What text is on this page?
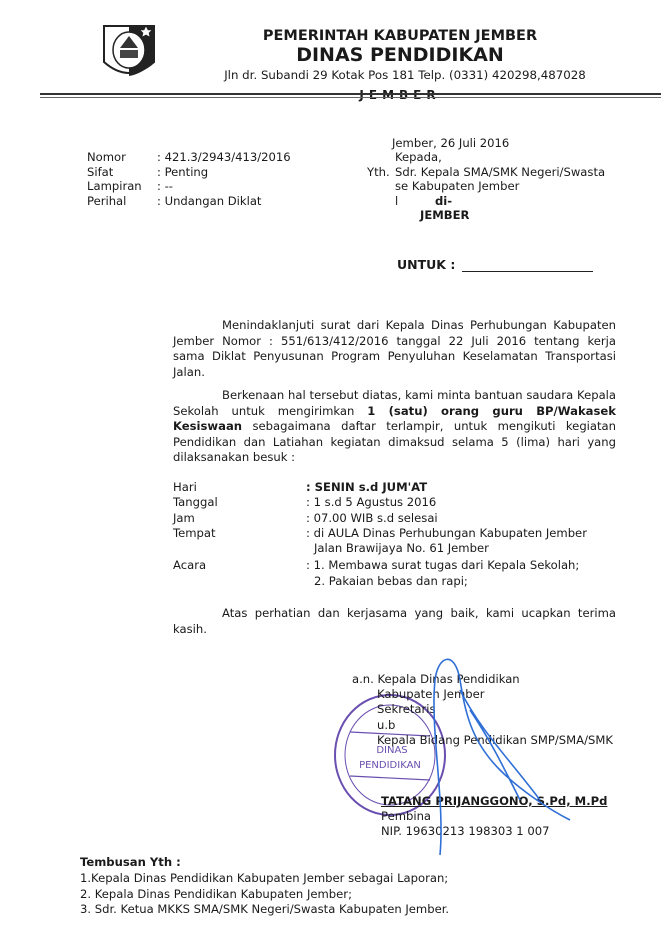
PEMERINTAH KABUPATEN JEMBER
DINAS PENDIDIKAN
Jln dr. Subandi 29 Kotak Pos 181 Telp. (0331) 420298,487028
JEMBER
Nomor	: 421.3/2943/413/2016
Sifat	: Penting
Lampiran	: --
Perihal	: Undangan Diklat
Jember, 26 Juli 2016
Kepada,
Yth. Sdr. Kepala SMA/SMK Negeri/Swasta
se Kabupaten Jember
l	di-
JEMBER
UNTUK :
Menindaklanjuti surat dari Kepala Dinas Perhubungan Kabupaten
Jember Nomor : 551/613/412/2016 tanggal 22 Juli 2016 tentang kerja
sama Diklat Penyusunan Program Penyuluhan Keselamatan Transportasi
Jalan.
Berkenaan hal tersebut diatas, kami minta bantuan saudara Kepala
Sekolah untuk mengirimkan 1 (satu) orang guru BP/Wakasek
Kesiswaan sebagaimana daftar terlampir, untuk mengikuti kegiatan
Pendidikan dan Latiahan kegiatan dimaksud selama 5 (lima) hari yang
dilaksanakan besuk :
Hari	: SENIN s.d JUM'AT
Tanggal	: 1 s.d 5 Agustus 2016
Jam	: 07.00 WIB s.d selesai
Tempat	: di AULA Dinas Perhubungan Kabupaten Jember
Jalan Brawijaya No. 61 Jember
Acara	: 1. Membawa surat tugas dari Kepala Sekolah;
2. Pakaian bebas dan rapi;
Atas perhatian dan kerjasama yang baik, kami ucapkan terima
kasih.
DINAS
PENDIDIKAN
a.n. Kepala Dinas Pendidikan
Kabupaten Jember
Sekretaris
u.b
Kepala Bidang Pendidikan SMP/SMA/SMK
TATANG PRIJANGGONO, S.Pd, M.Pd
Pembina
NIP. 19630213 198303 1 007
Tembusan Yth :
1.Kepala Dinas Pendidikan Kabupaten Jember sebagai Laporan;
2. Kepala Dinas Pendidikan Kabupaten Jember;
3. Sdr. Ketua MKKS SMA/SMK Negeri/Swasta Kabupaten Jember.
